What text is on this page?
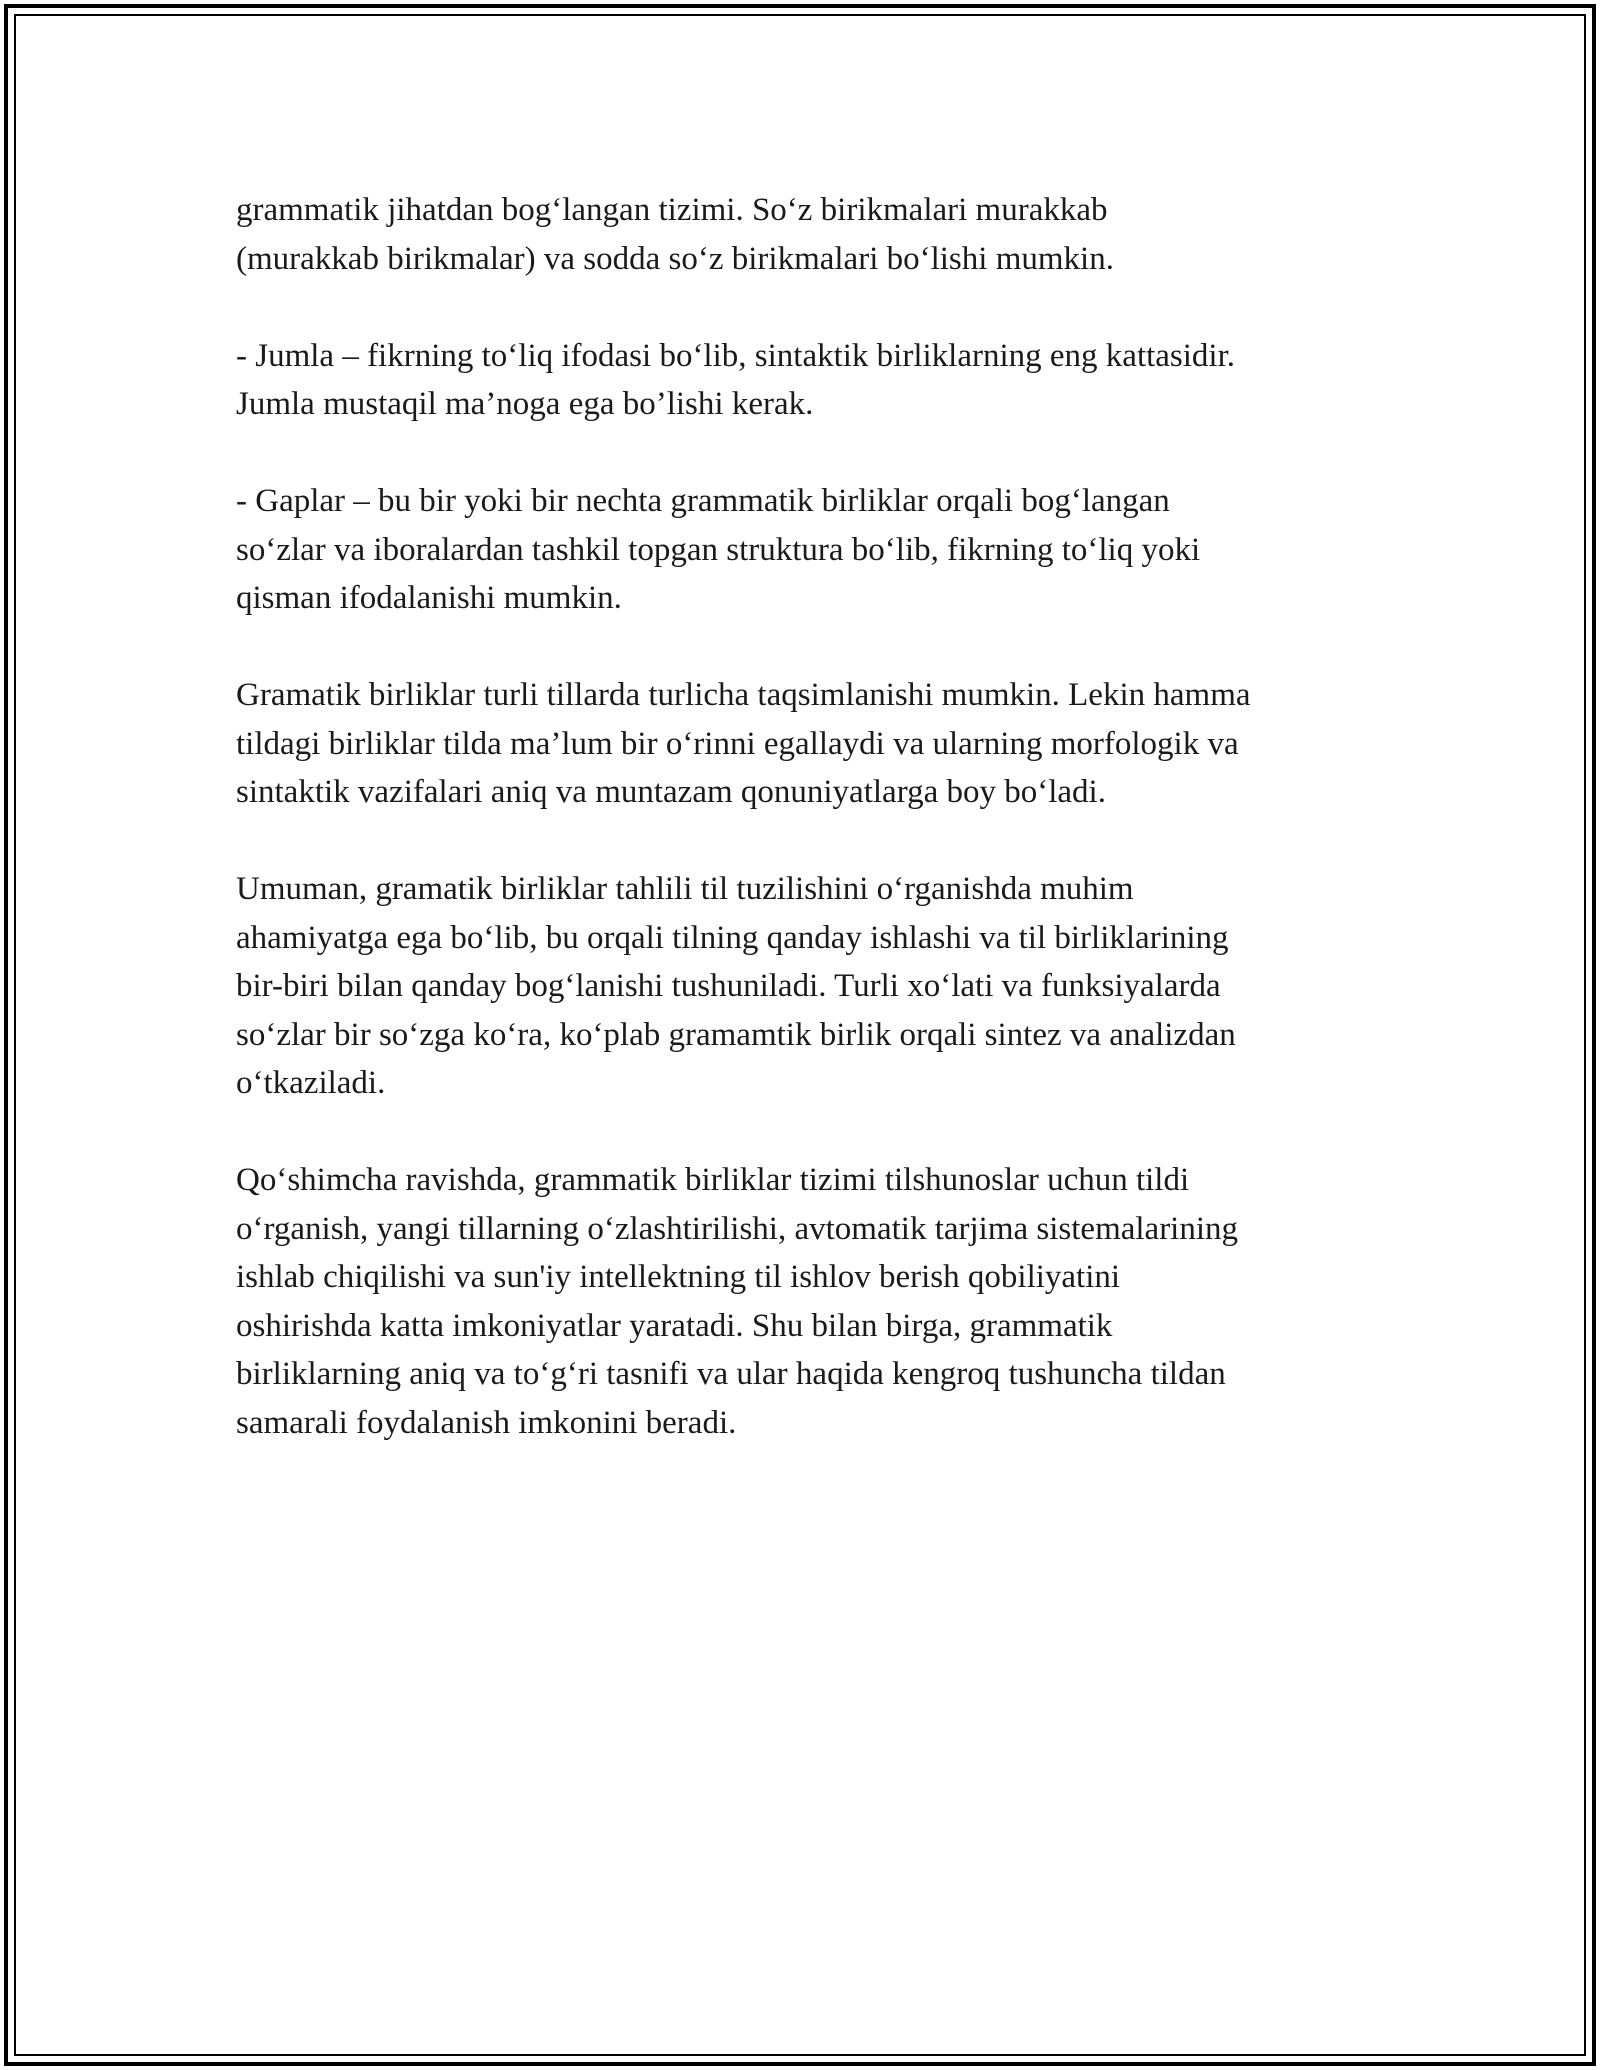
grammatik jihatdan bog‘langan tizimi. So‘z birikmalari murakkab
(murakkab birikmalar) va sodda so‘z birikmalari bo‘lishi mumkin.

- Jumla – fikrning to‘liq ifodasi bo‘lib, sintaktik birliklarning eng kattasidir.
Jumla mustaqil ma’noga ega bo’lishi kerak.

- Gaplar – bu bir yoki bir nechta grammatik birliklar orqali bog‘langan
so‘zlar va iboralardan tashkil topgan struktura bo‘lib, fikrning to‘liq yoki
qisman ifodalanishi mumkin.

Gramatik birliklar turli tillarda turlicha taqsimlanishi mumkin. Lekin hamma
tildagi birliklar tilda ma’lum bir o‘rinni egallaydi va ularning morfologik va
sintaktik vazifalari aniq va muntazam qonuniyatlarga boy bo‘ladi.

Umuman, gramatik birliklar tahlili til tuzilishini o‘rganishda muhim
ahamiyatga ega bo‘lib, bu orqali tilning qanday ishlashi va til birliklarining
bir-biri bilan qanday bog‘lanishi tushuniladi. Turli xo‘lati va funksiyalarda
so‘zlar bir so‘zga ko‘ra, ko‘plab gramamtik birlik orqali sintez va analizdan
o‘tkaziladi.

Qo‘shimcha ravishda, grammatik birliklar tizimi tilshunoslar uchun tildi
o‘rganish, yangi tillarning o‘zlashtirilishi, avtomatik tarjima sistemalarining
ishlab chiqilishi va sun'iy intellektning til ishlov berish qobiliyatini
oshirishda katta imkoniyatlar yaratadi. Shu bilan birga, grammatik
birliklarning aniq va to‘g‘ri tasnifi va ular haqida kengroq tushuncha tildan
samarali foydalanish imkonini beradi.
